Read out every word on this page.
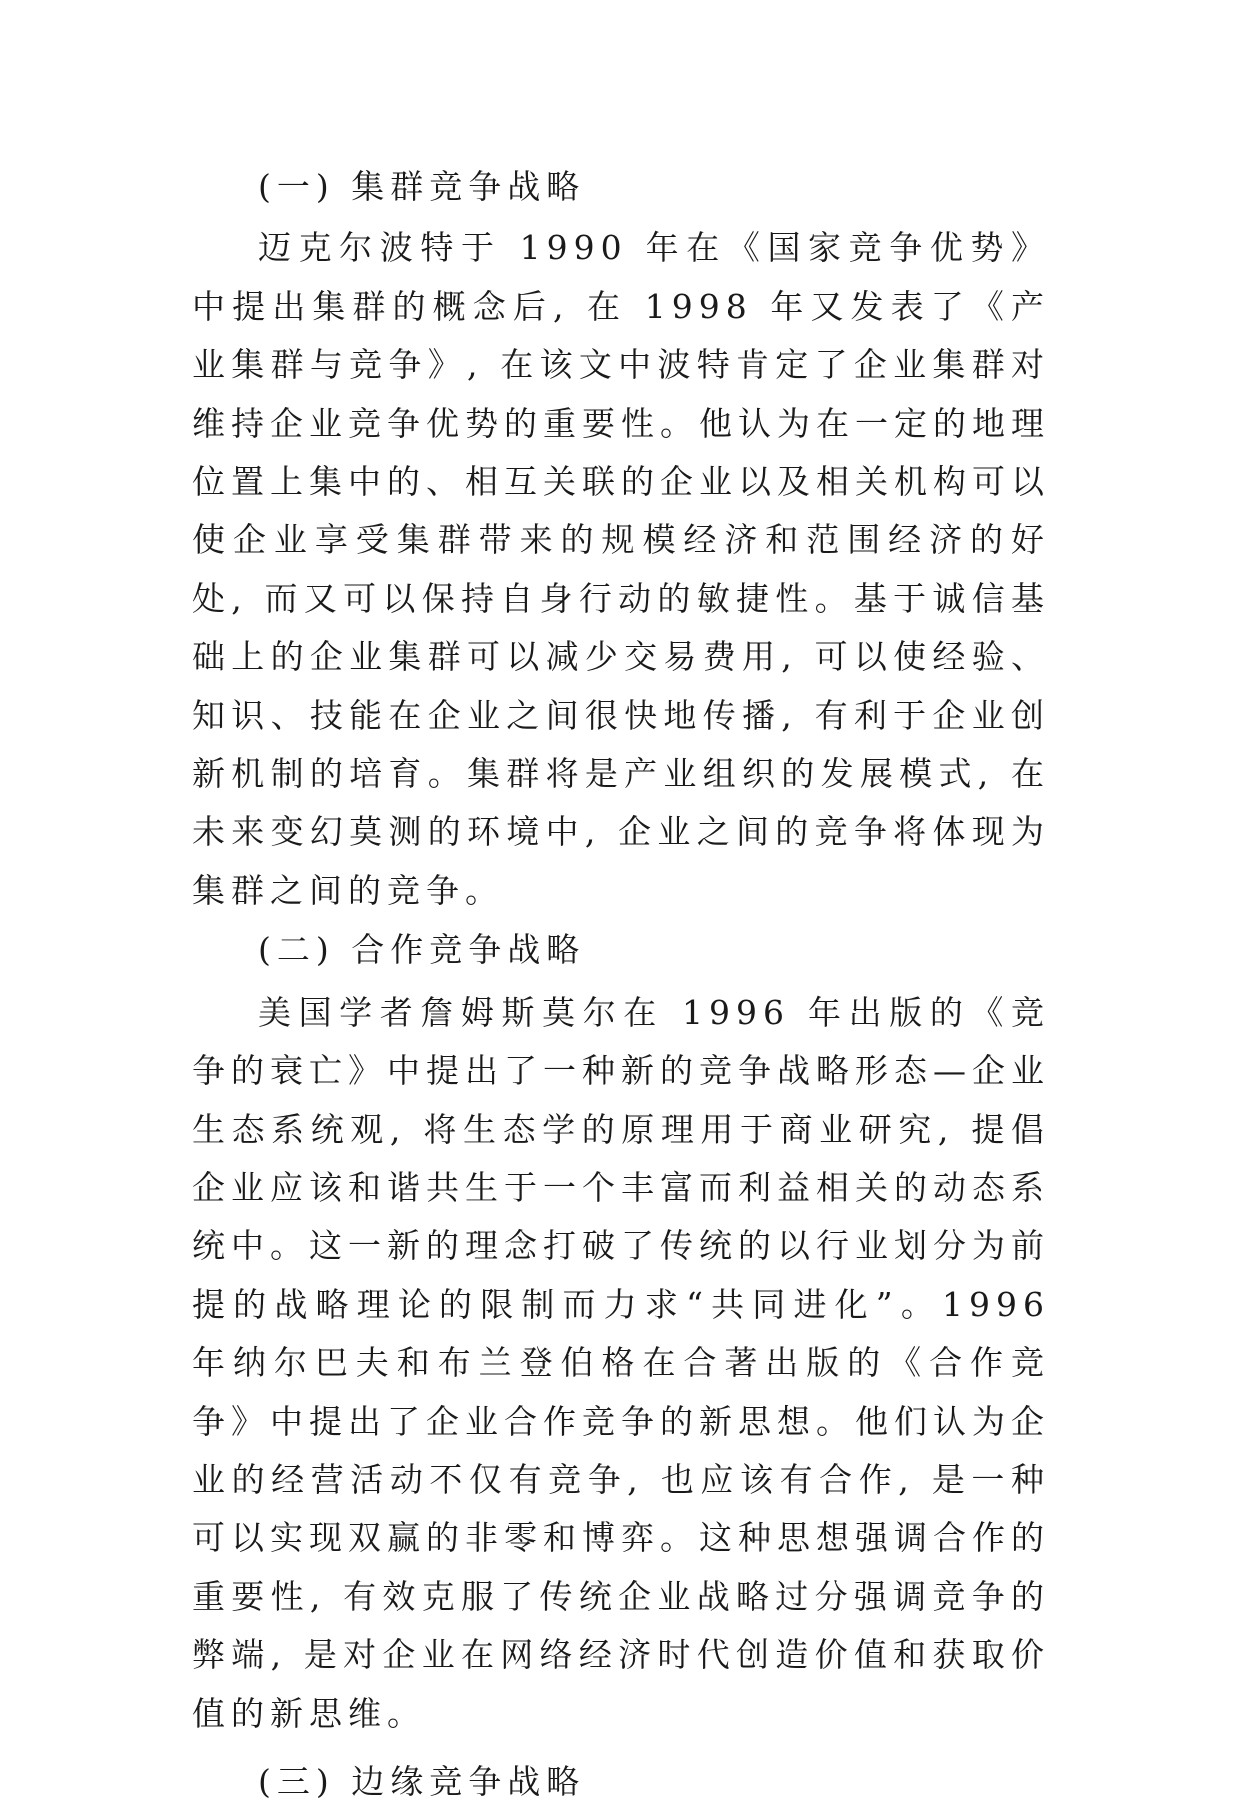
(一) 集群竞争战略

迈克尔波特于 1990 年在《国家竞争优势》中提出集群的概念后, 在 1998 年又发表了《产业集群与竞争》, 在该文中波特肯定了企业集群对维持企业竞争优势的重要性。他认为在一定的地理位置上集中的、相互关联的企业以及相关机构可以使企业享受集群带来的规模经济和范围经济的好处, 而又可以保持自身行动的敏捷性。基于诚信基础上的企业集群可以减少交易费用, 可以使经验、知识、技能在企业之间很快地传播, 有利于企业创新机制的培育。集群将是产业组织的发展模式, 在未来变幻莫测的环境中, 企业之间的竞争将体现为集群之间的竞争。

(二) 合作竞争战略

美国学者詹姆斯莫尔在 1996 年出版的《竞争的衰亡》中提出了一种新的竞争战略形态—企业生态系统观, 将生态学的原理用于商业研究, 提倡企业应该和谐共生于一个丰富而利益相关的动态系统中。这一新的理念打破了传统的以行业划分为前提的战略理论的限制而力求“共同进化”。1996 年纳尔巴夫和布兰登伯格在合著出版的《合作竞争》中提出了企业合作竞争的新思想。他们认为企业的经营活动不仅有竞争, 也应该有合作, 是一种可以实现双赢的非零和博弈。这种思想强调合作的重要性, 有效克服了传统企业战略过分强调竞争的弊端, 是对企业在网络经济时代创造价值和获取价值的新思维。

(三) 边缘竞争战略
